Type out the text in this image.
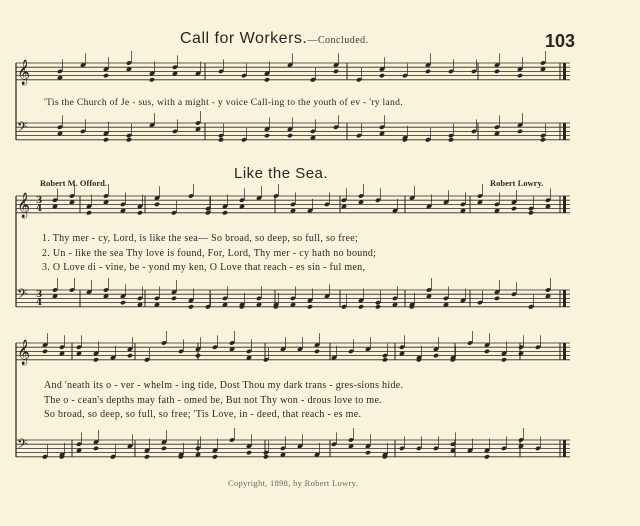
𝄞
𝄢
𝄞
𝄢
𝄞
𝄢
3
4
3
4
Call for Workers.—Concluded.	103
'Tis the Church of Je - sus, with a might - y voice Call-ing to the youth of ev - 'ry land.
Like the Sea.
Robert M. Offord.	Robert Lowry.
1. Thy mer - cy, Lord, is like the sea— So broad, so deep, so full, so free;
2. Un - like the sea Thy love is found, For, Lord, Thy mer - cy hath no bound;
3. O Love di - vine, be - yond my ken, O Love that reach - es sin - ful men,
And 'neath its o - ver - whelm - ing tide, Dost Thou my dark trans - gres-sions hide.
The o - cean's depths may fath - omed be, But not Thy won - drous love to me.
So broad, so deep, so full, so free; 'Tis Love, in - deed, that reach - es me.
Copyright, 1898, by Robert Lowry.
